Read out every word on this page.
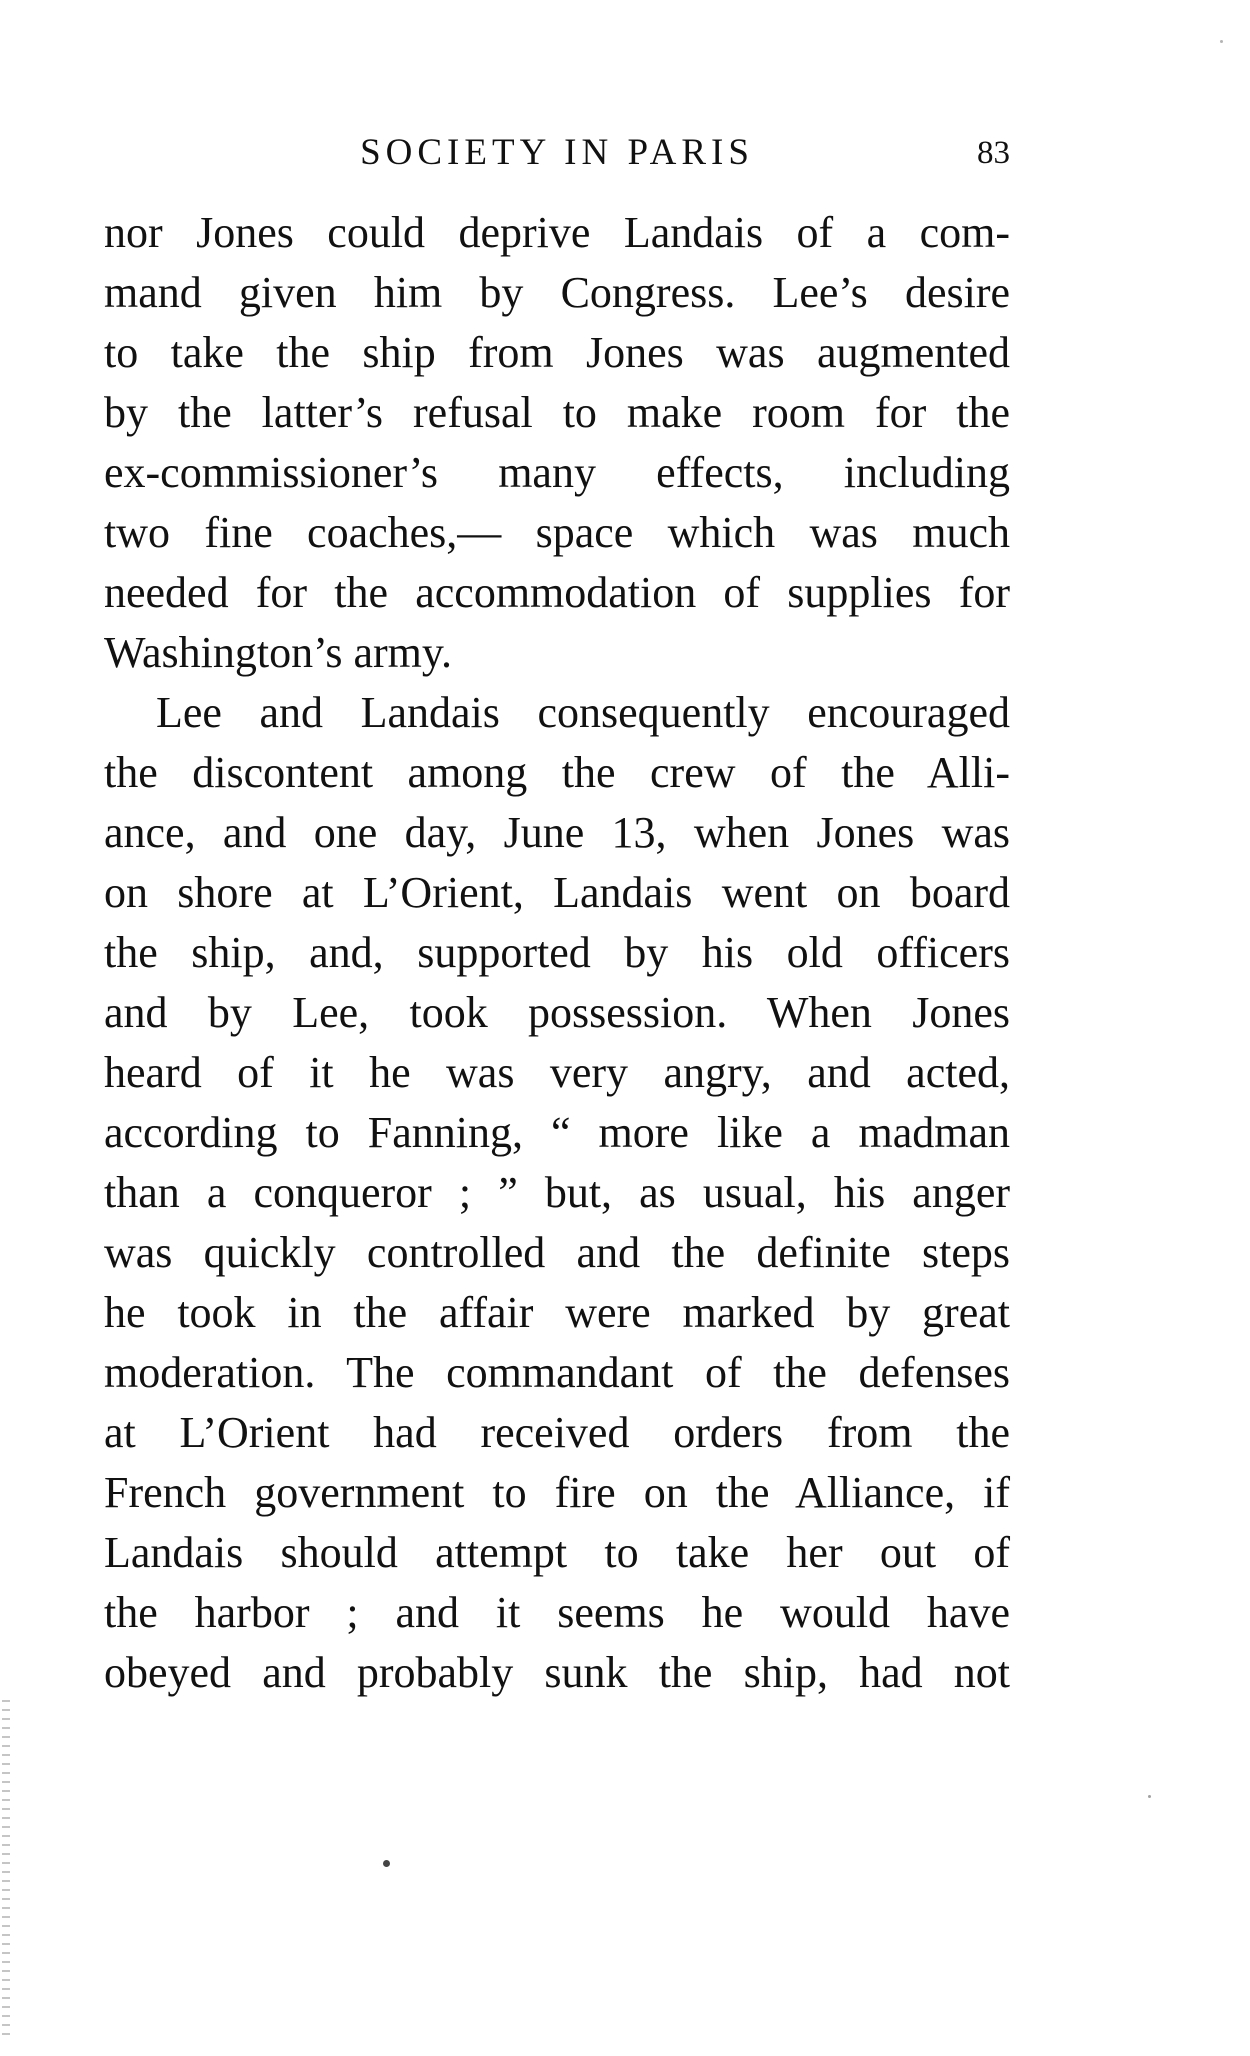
SOCIETY IN PARIS	83
nor Jones could deprive Landais of a com-
mand given him by Congress. Lee’s desire
to take the ship from Jones was augmented
by the latter’s refusal to make room for the
ex-commissioner’s many effects, including
two fine coaches,— space which was much
needed for the accommodation of supplies for
Washington’s army.
Lee and Landais consequently encouraged
the discontent among the crew of the Alli-
ance, and one day, June 13, when Jones was
on shore at L’Orient, Landais went on board
the ship, and, supported by his old officers
and by Lee, took possession. When Jones
heard of it he was very angry, and acted,
according to Fanning, “ more like a madman
than a conqueror ; ” but, as usual, his anger
was quickly controlled and the definite steps
he took in the affair were marked by great
moderation. The commandant of the defenses
at L’Orient had received orders from the
French government to fire on the Alliance, if
Landais should attempt to take her out of
the harbor ; and it seems he would have
obeyed and probably sunk the ship, had not
